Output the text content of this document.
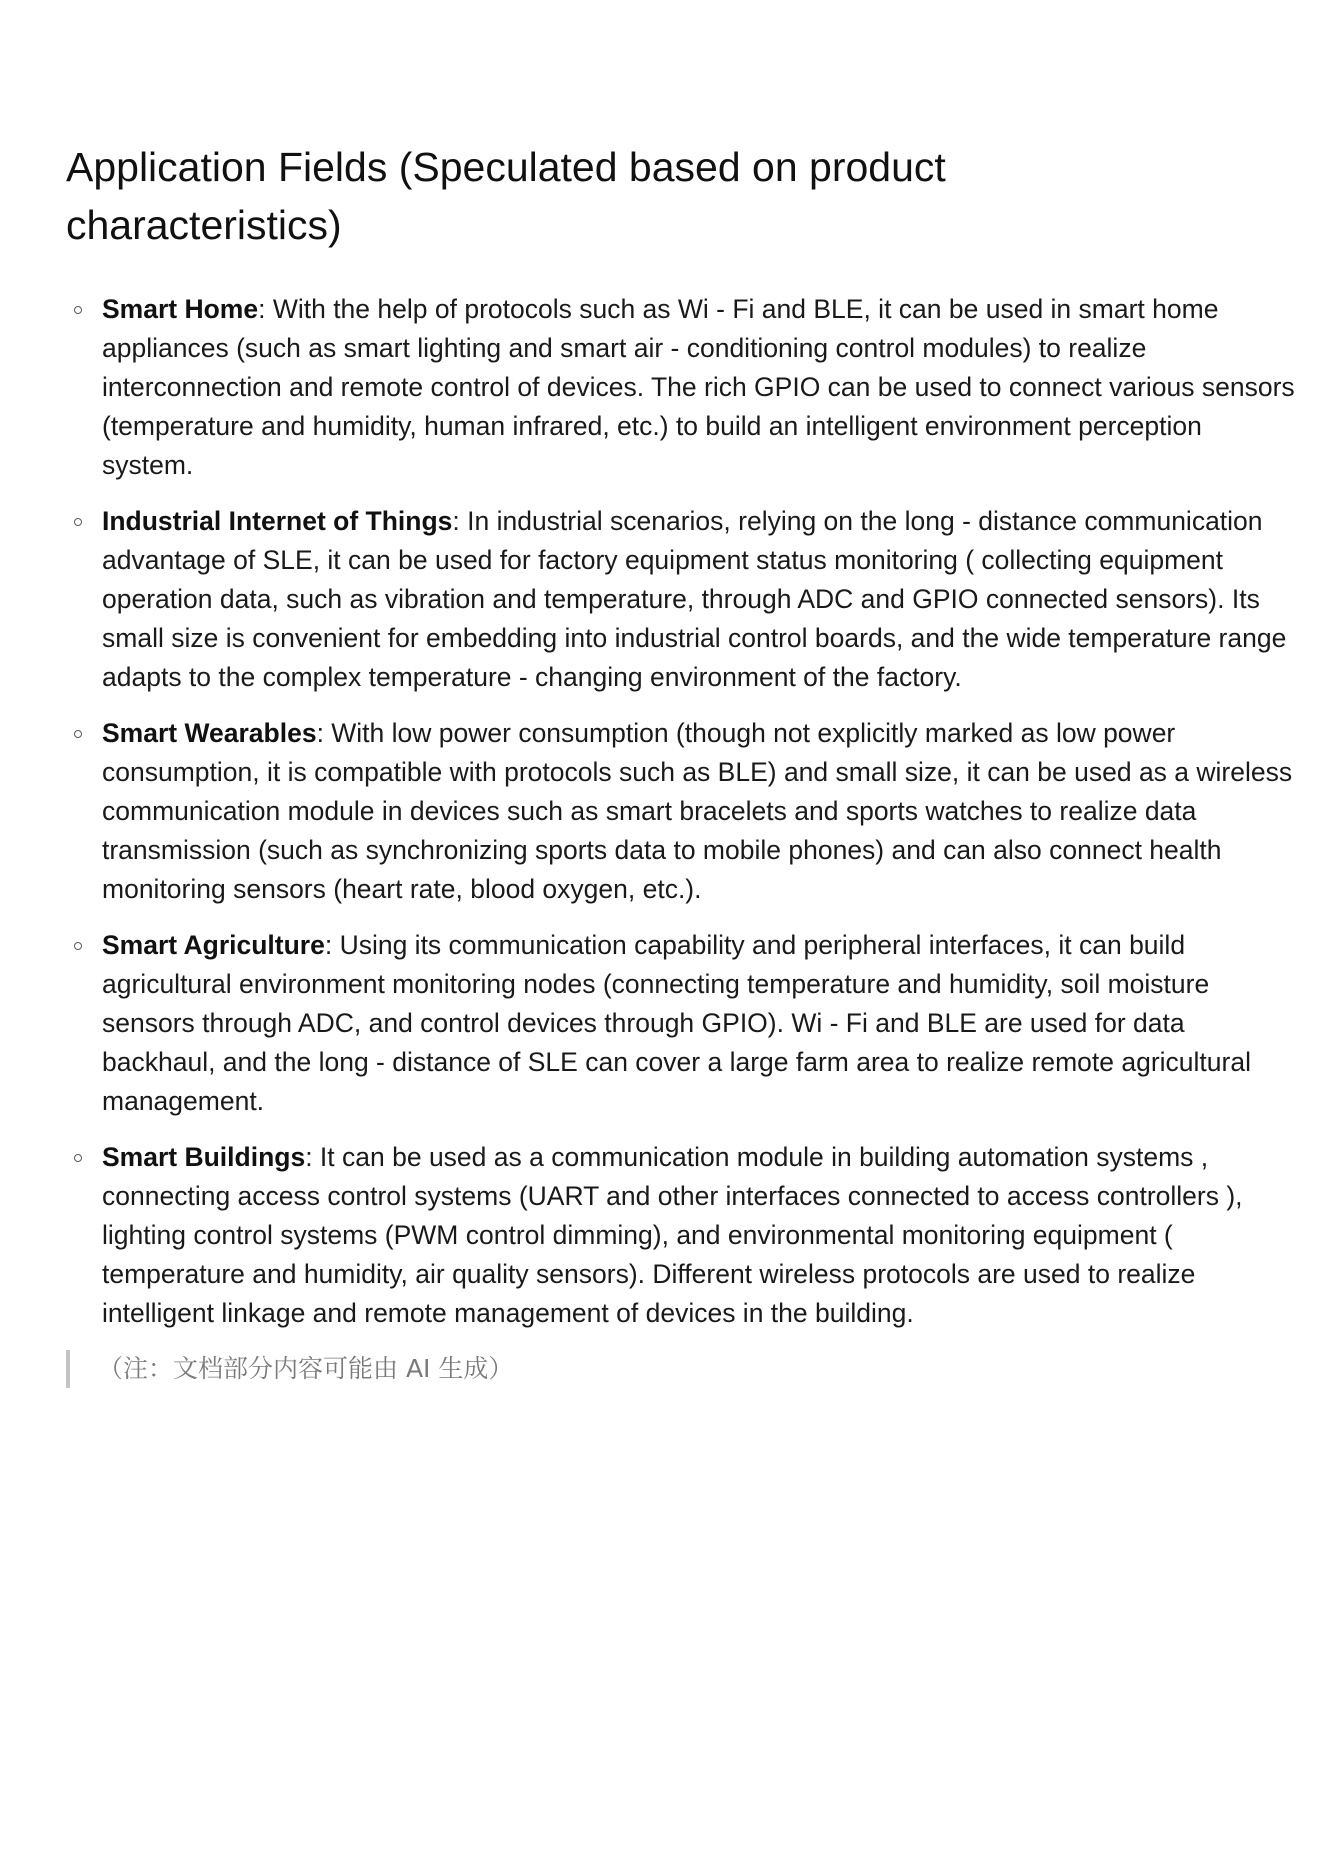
Application Fields (Speculated based on product characteristics)
Smart Home: With the help of protocols such as Wi - Fi and BLE, it can be used in smart home appliances (such as smart lighting and smart air - conditioning control modules) to realize interconnection and remote control of devices. The rich GPIO can be used to connect various sensors (temperature and humidity, human infrared, etc.) to build an intelligent environment perception system.
Industrial Internet of Things: In industrial scenarios, relying on the long - distance communication advantage of SLE, it can be used for factory equipment status monitoring ( collecting equipment operation data, such as vibration and temperature, through ADC and GPIO connected sensors). Its small size is convenient for embedding into industrial control boards, and the wide temperature range adapts to the complex temperature - changing environment of the factory.
Smart Wearables: With low power consumption (though not explicitly marked as low power consumption, it is compatible with protocols such as BLE) and small size, it can be used as a wireless communication module in devices such as smart bracelets and sports watches to realize data transmission (such as synchronizing sports data to mobile phones) and can also connect health monitoring sensors (heart rate, blood oxygen, etc.).
Smart Agriculture: Using its communication capability and peripheral interfaces, it can build agricultural environment monitoring nodes (connecting temperature and humidity, soil moisture sensors through ADC, and control devices through GPIO). Wi - Fi and BLE are used for data backhaul, and the long - distance of SLE can cover a large farm area to realize remote agricultural management.
Smart Buildings: It can be used as a communication module in building automation systems , connecting access control systems (UART and other interfaces connected to access controllers ), lighting control systems (PWM control dimming), and environmental monitoring equipment ( temperature and humidity, air quality sensors). Different wireless protocols are used to realize intelligent linkage and remote management of devices in the building.
（注：文档部分内容可能由 AI 生成）
